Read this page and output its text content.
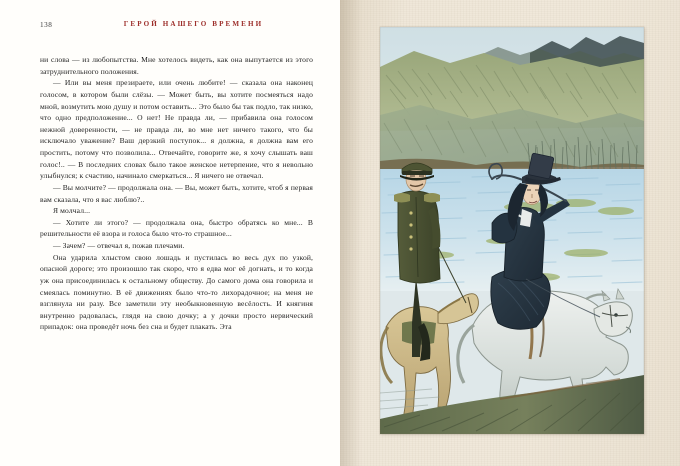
138	ГЕРОЙ НАШЕГО ВРЕМЕНИ

ни слова — из любопытства. Мне хотелось видеть, как она выпутается из этого затруднительного положения.

— Или вы меня презираете, или очень любите! — сказала она наконец голосом, в котором были слёзы. — Может быть, вы хотите посмеяться надо мной, возмутить мою душу и потом оставить... Это было бы так подло, так низко, что одно предположение... О нет! Не правда ли, — прибавила она голосом нежной доверенности, — не правда ли, во мне нет ничего такого, что бы исключало уважение? Ваш дерзкий поступок... я должна, я должна вам его простить, потому что позволила... Отвечайте, говорите же, я хочу слышать ваш голос!.. — В последних словах было такое женское нетерпение, что я невольно улыбнулся; к счастию, начинало смеркаться... Я ничего не отвечал.

— Вы молчите? — продолжала она. — Вы, может быть, хотите, чтоб я первая вам сказала, что я вас люблю?..

Я молчал...

— Хотите ли этого? — продолжала она, быстро обратясь ко мне... В решительности её взора и голоса было что-то страшное...

— Зачем? — отвечал я, пожав плечами.

Она ударила хлыстом свою лошадь и пустилась во весь дух по узкой, опасной дороге; это произошло так скоро, что я едва мог её догнать, и то когда уж она присоединилась к остальному обществу. До самого дома она говорила и смеялась поминутно. В её движениях было что-то лихорадочное; на меня не взглянула ни разу. Все заметили эту необыкновенную весёлость. И княгиня внутренно радовалась, глядя на свою дочку; а у дочки просто нервический припадок: она проведёт ночь без сна и будет плакать. Эта
